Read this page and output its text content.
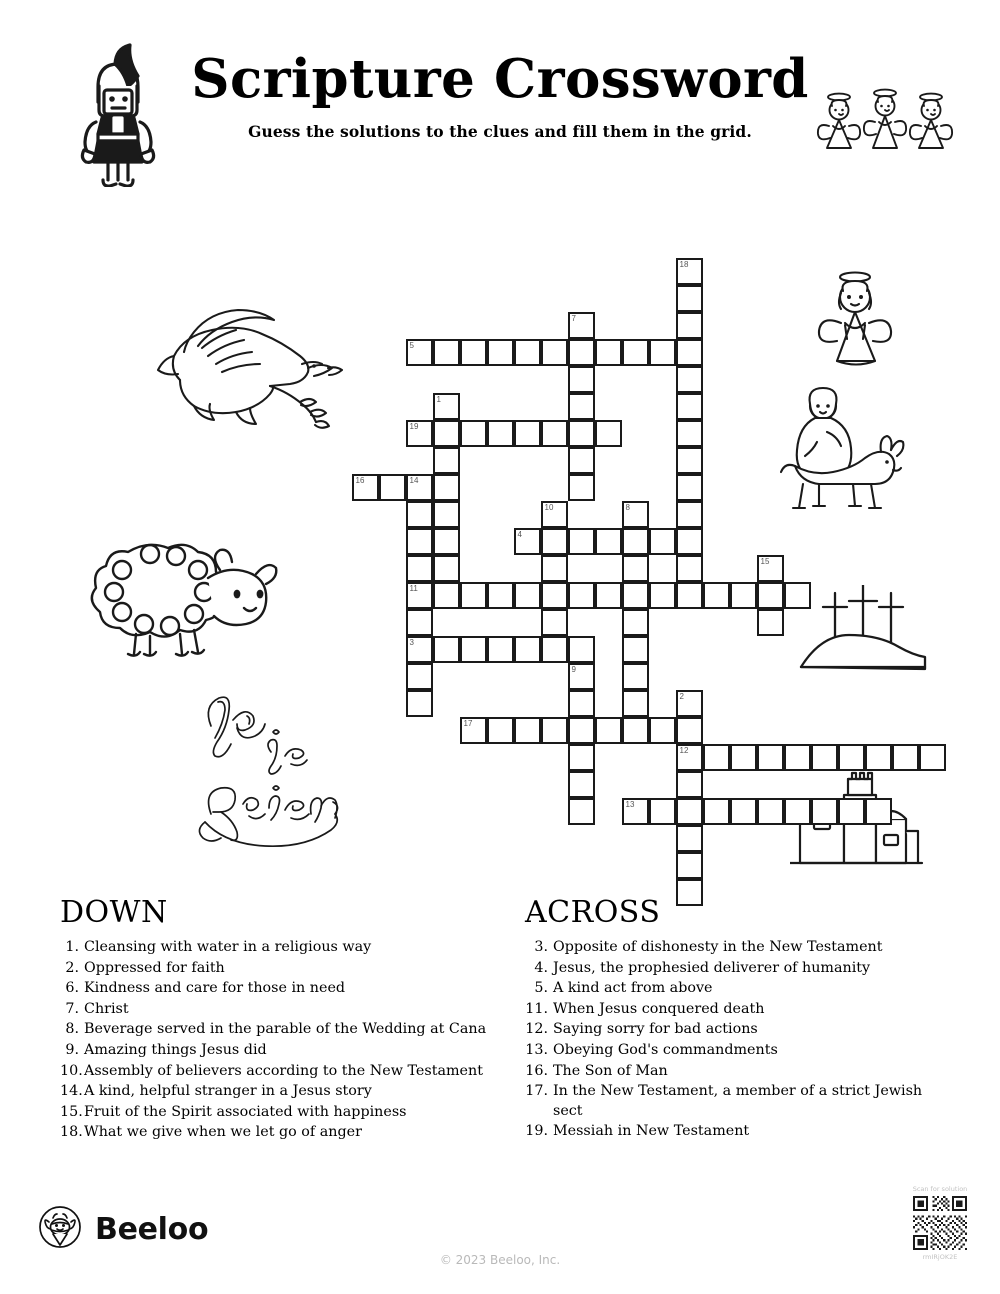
Scripture Crossword

Guess the solutions to the clues and fill them in the grid.

18
7
5
1
19
16	14
11
3
10	8
4
15
9
2
12
17
13
DOWN
1. Cleansing with water in a religious way
2. Oppressed for faith
6. Kindness and care for those in need
7. Christ
8. Beverage served in the parable of the Wedding at Cana
9. Amazing things Jesus did
10. Assembly of believers according to the New Testament
14. A kind, helpful stranger in a Jesus story
15. Fruit of the Spirit associated with happiness
18. What we give when we let go of anger
ACROSS
3. Opposite of dishonesty in the New Testament
4. Jesus, the prophesied deliverer of humanity
5. A kind act from above
11. When Jesus conquered death
12. Saying sorry for bad actions
13. Obeying God's commandments
16. The Son of Man
17. In the New Testament, a member of a strict Jewish sect
19. Messiah in New Testament
Beeloo
© 2023 Beeloo, Inc.
Scan for solution
rmIRjOK2E
